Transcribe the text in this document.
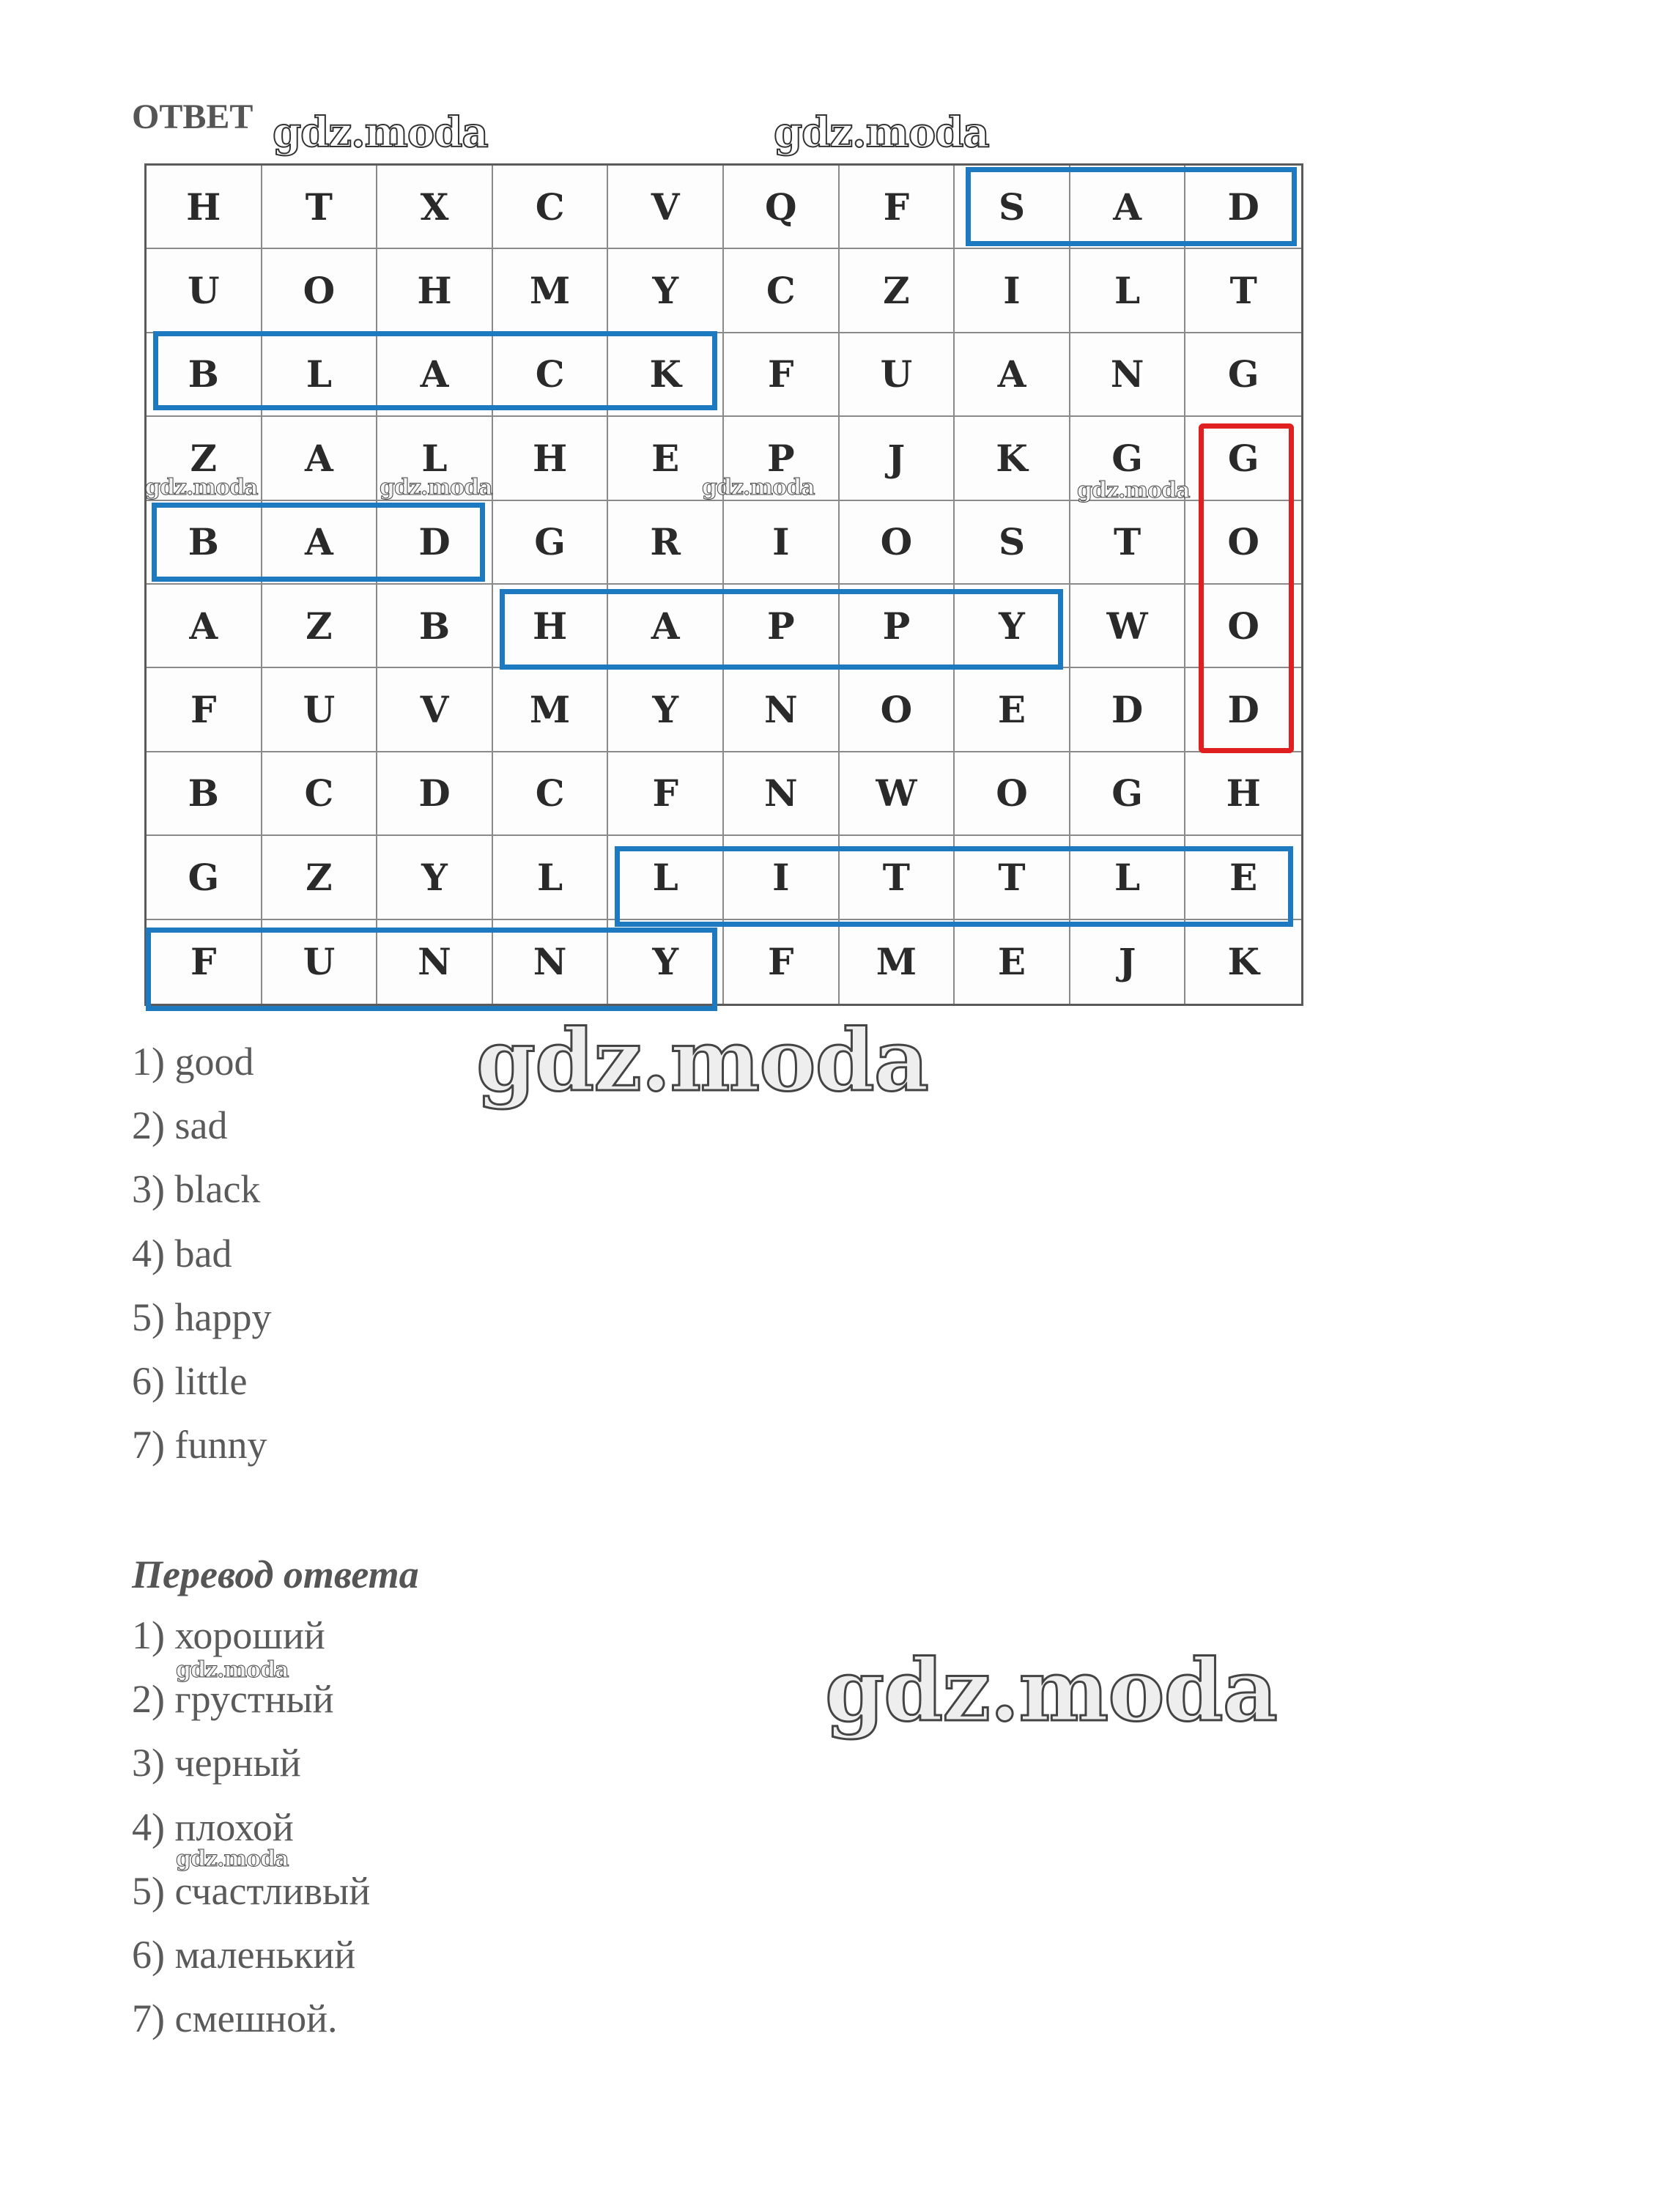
ОТВЕТ gdz.moda	gdz.moda
H	T	X	C	V	Q	F	S	A	D
U	O	H	M	Y	C	Z	I	L	T
B	L	A	C	K	F	U	A	N	G
Z	A	L	H	E	P	J	K	G	G
B	A	D	G	R	I	O	S	T	O
A	Z	B	H	A	P	P	Y	W	O
F	U	V	M	Y	N	O	E	D	D
B	C	D	C	F	N	W	O	G	H
G	Z	Y	L	L	I	T	T	L	E
F	U	N	N	Y	F	M	E	J	K
gdz.moda	gdz.moda	gdz.moda	gdz.moda
1) good
2) sad
3) black
4) bad
5) happy
6) little
7) funny
gdz.moda
Перевод ответа
1) хороший
2) грустный
3) черный
4) плохой
5) счастливый
6) маленький
7) смешной.
gdz.moda
gdz.moda
gdz.moda
